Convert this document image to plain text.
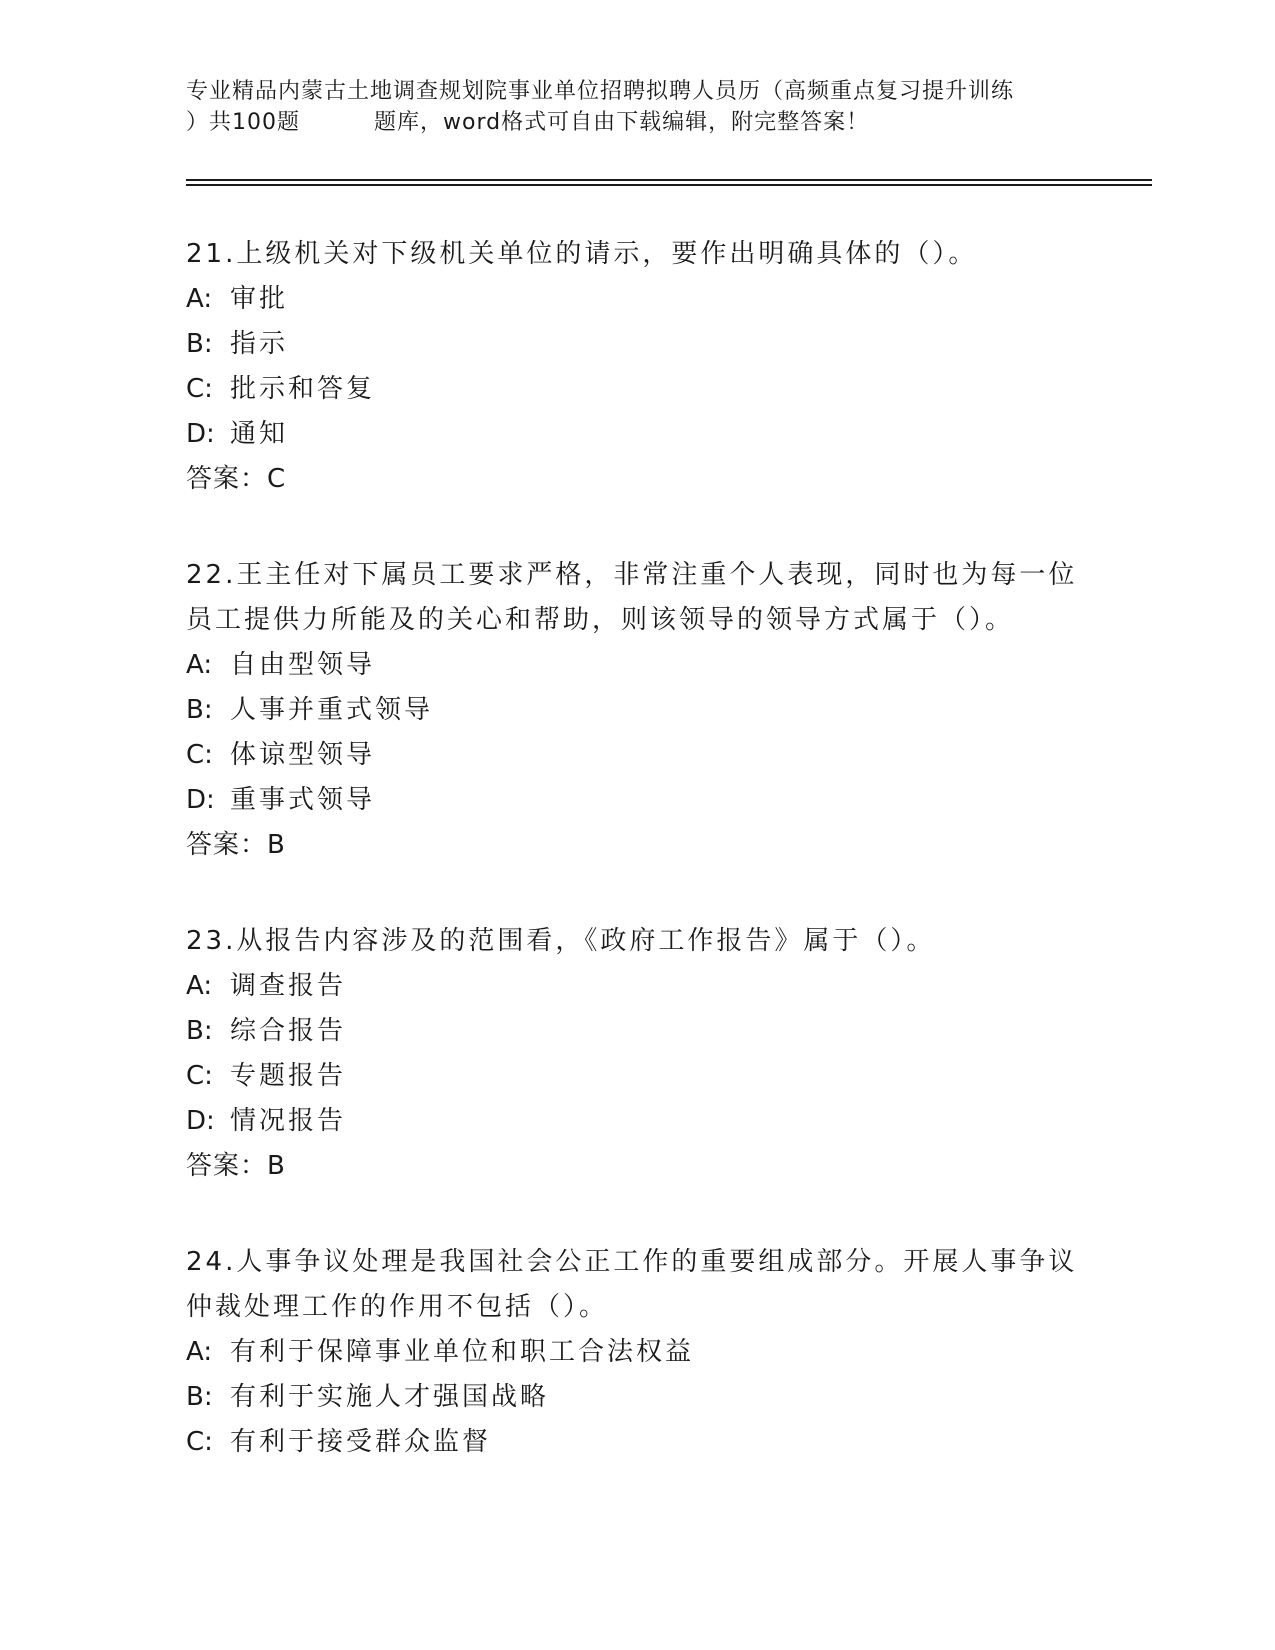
专业精品内蒙古土地调查规划院事业单位招聘拟聘人员历（高频重点复习提升训练
）共100题	题库，word格式可自由下载编辑，附完整答案！
21.上级机关对下级机关单位的请示，要作出明确具体的（）。
A: 审批
B: 指示
C: 批示和答复
D: 通知
答案：C
22.王主任对下属员工要求严格，非常注重个人表现，同时也为每一位员工提供力所能及的关心和帮助，则该领导的领导方式属于（）。
A: 自由型领导
B: 人事并重式领导
C: 体谅型领导
D: 重事式领导
答案：B
23.从报告内容涉及的范围看，《政府工作报告》属于（）。
A: 调查报告
B: 综合报告
C: 专题报告
D: 情况报告
答案：B
24.人事争议处理是我国社会公正工作的重要组成部分。开展人事争议仲裁处理工作的作用不包括（）。
A: 有利于保障事业单位和职工合法权益
B: 有利于实施人才强国战略
C: 有利于接受群众监督
